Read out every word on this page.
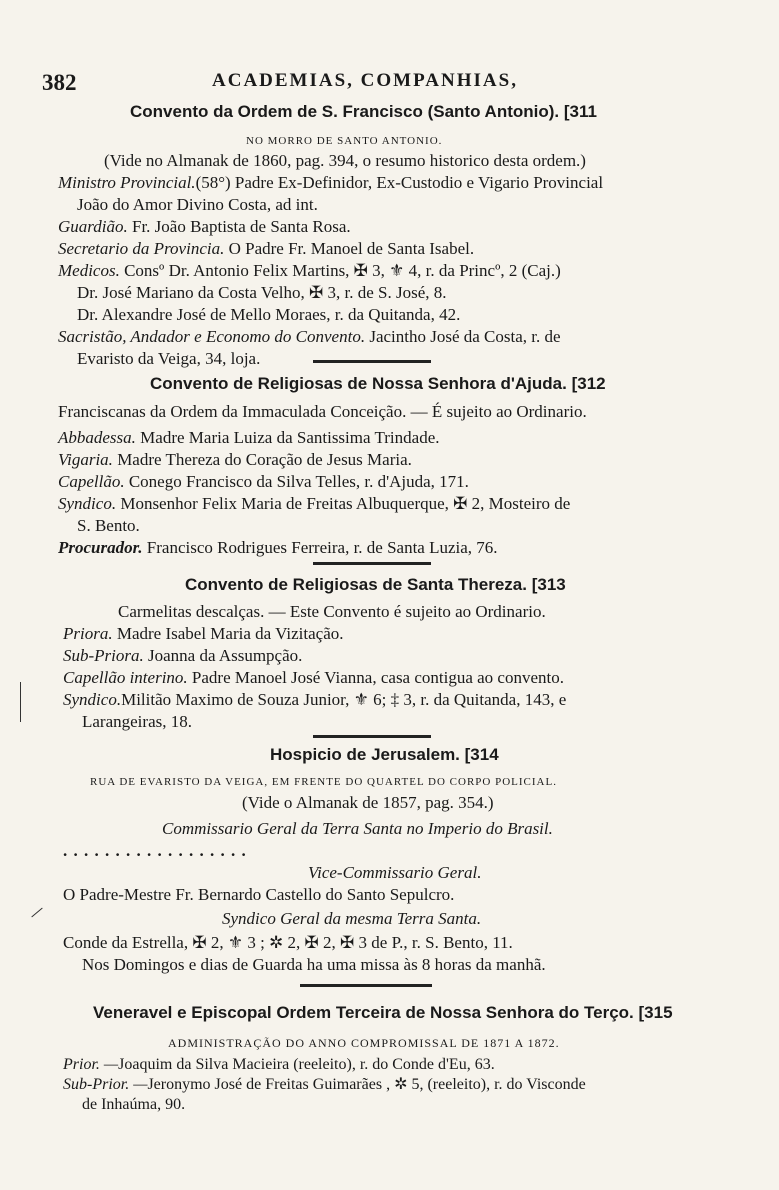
382	ACADEMIAS, COMPANHIAS,
Convento da Ordem de S. Francisco (Santo Antonio). [311
NO MORRO DE SANTO ANTONIO.
(Vide no Almanak de 1860, pag. 394, o resumo historico desta ordem.)
Ministro Provincial.(58°) Padre Ex-Definidor, Ex-Custodio e Vigario Provincial
João do Amor Divino Costa, ad int.
Guardião. Fr. João Baptista de Santa Rosa.
Secretario da Provincia. O Padre Fr. Manoel de Santa Isabel.
Medicos. Consº Dr. Antonio Felix Martins, ✠ 3, ⚜ 4, r. da Princº, 2 (Caj.)
Dr. José Mariano da Costa Velho, ✠ 3, r. de S. José, 8.
Dr. Alexandre José de Mello Moraes, r. da Quitanda, 42.
Sacristão, Andador e Economo do Convento. Jacintho José da Costa, r. de
Evaristo da Veiga, 34, loja.
Convento de Religiosas de Nossa Senhora d'Ajuda. [312
Franciscanas da Ordem da Immaculada Conceição. — É sujeito ao Ordinario.
Abbadessa. Madre Maria Luiza da Santissima Trindade.
Vigaria. Madre Thereza do Coração de Jesus Maria.
Capellão. Conego Francisco da Silva Telles, r. d'Ajuda, 171.
Syndico. Monsenhor Felix Maria de Freitas Albuquerque, ✠ 2, Mosteiro de
S. Bento.
Procurador. Francisco Rodrigues Ferreira, r. de Santa Luzia, 76.
Convento de Religiosas de Santa Thereza. [313
Carmelitas descalças. — Este Convento é sujeito ao Ordinario.
Priora. Madre Isabel Maria da Vizitação.
Sub-Priora. Joanna da Assumpção.
Capellão interino. Padre Manoel José Vianna, casa contigua ao convento.
Syndico.Militão Maximo de Souza Junior, ⚜ 6; ‡ 3, r. da Quitanda, 143, e
Larangeiras, 18.
Hospicio de Jerusalem. [314
RUA DE EVARISTO DA VEIGA, EM FRENTE DO QUARTEL DO CORPO POLICIAL.
(Vide o Almanak de 1857, pag. 354.)
Commissario Geral da Terra Santa no Imperio do Brasil.
. . . . . . . . . . . . . . . . . .
Vice-Commissario Geral.
O Padre-Mestre Fr. Bernardo Castello do Santo Sepulcro.
Syndico Geral da mesma Terra Santa.
Conde da Estrella, ✠ 2, ⚜ 3 ; ✲ 2, ✠ 2, ✠ 3 de P., r. S. Bento, 11.
Nos Domingos e dias de Guarda ha uma missa às 8 horas da manhã.
Veneravel e Episcopal Ordem Terceira de Nossa Senhora do Terço. [315
ADMINISTRAÇÃO DO ANNO COMPROMISSAL DE 1871 A 1872.
Prior. —Joaquim da Silva Macieira (reeleito), r. do Conde d'Eu, 63.
Sub-Prior. —Jeronymo José de Freitas Guimarães , ✲ 5, (reeleito), r. do Visconde
de Inhaúma, 90.
